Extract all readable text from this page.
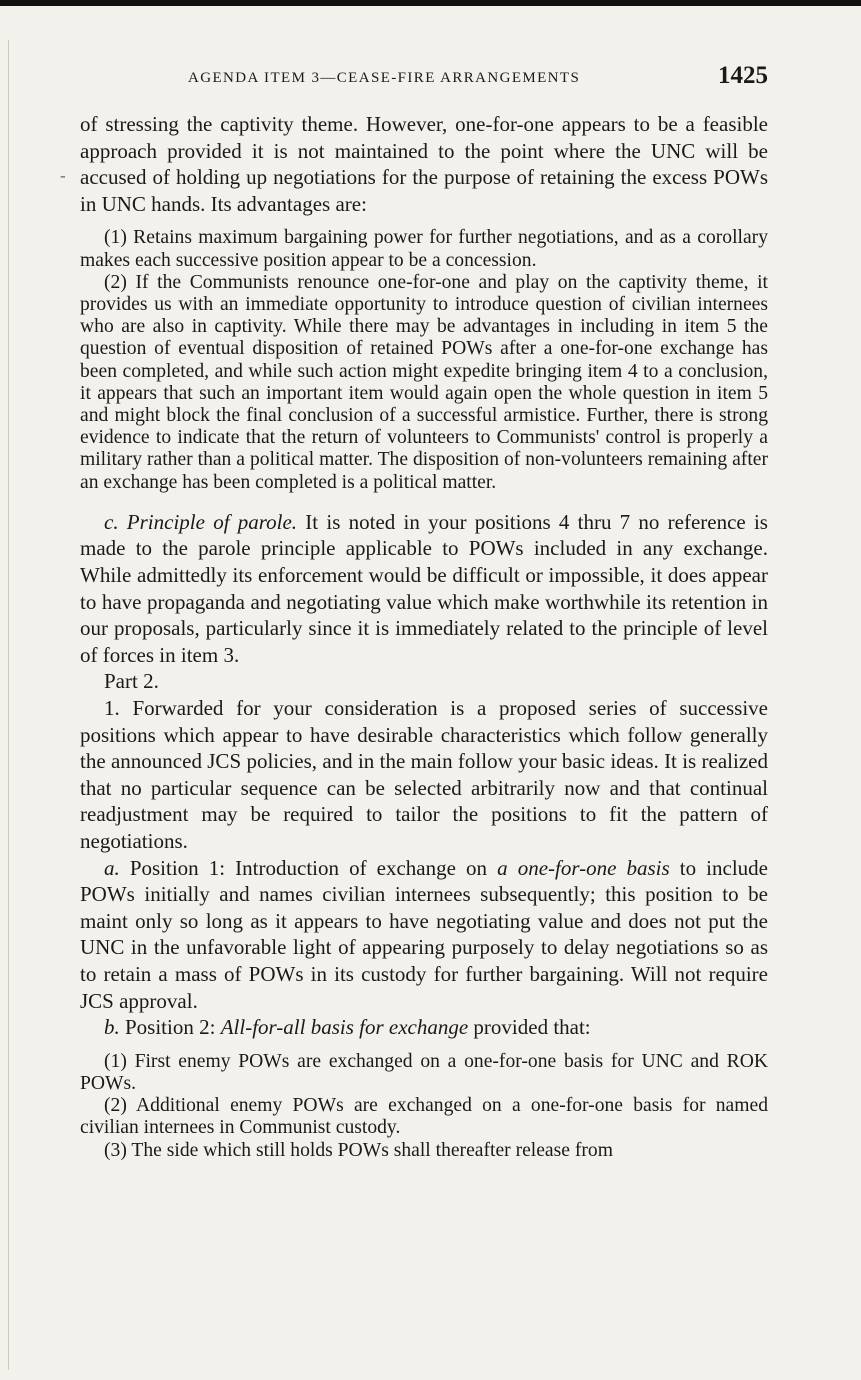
AGENDA ITEM 3—CEASE-FIRE ARRANGEMENTS	1425
-

of stressing the captivity theme. However, one-for-one appears to be a feasible approach provided it is not maintained to the point where the UNC will be accused of holding up negotiations for the purpose of retaining the excess POWs in UNC hands. Its advantages are:

(1) Retains maximum bargaining power for further negotiations, and as a corollary makes each successive position appear to be a concession.

(2) If the Communists renounce one-for-one and play on the captivity theme, it provides us with an immediate opportunity to introduce question of civilian internees who are also in captivity. While there may be advantages in including in item 5 the question of eventual disposition of retained POWs after a one-for-one exchange has been completed, and while such action might expedite bringing item 4 to a conclusion, it appears that such an important item would again open the whole question in item 5 and might block the final conclusion of a successful armistice. Further, there is strong evidence to indicate that the return of volunteers to Communists' control is properly a military rather than a political matter. The disposition of non-volunteers remaining after an exchange has been completed is a political matter.

c. Principle of parole. It is noted in your positions 4 thru 7 no reference is made to the parole principle applicable to POWs included in any exchange. While admittedly its enforcement would be difficult or impossible, it does appear to have propaganda and negotiating value which make worthwhile its retention in our proposals, particularly since it is immediately related to the principle of level of forces in item 3.

Part 2.

1. Forwarded for your consideration is a proposed series of successive positions which appear to have desirable characteristics which follow generally the announced JCS policies, and in the main follow your basic ideas. It is realized that no particular sequence can be selected arbitrarily now and that continual readjustment may be required to tailor the positions to fit the pattern of negotiations.

a. Position 1: Introduction of exchange on a one-for-one basis to include POWs initially and names civilian internees subsequently; this position to be maint only so long as it appears to have negotiating value and does not put the UNC in the unfavorable light of appearing purposely to delay negotiations so as to retain a mass of POWs in its custody for further bargaining. Will not require JCS approval.

b. Position 2: All-for-all basis for exchange provided that:

(1) First enemy POWs are exchanged on a one-for-one basis for UNC and ROK POWs.

(2) Additional enemy POWs are exchanged on a one-for-one basis for named civilian internees in Communist custody.

(3) The side which still holds POWs shall thereafter release from
